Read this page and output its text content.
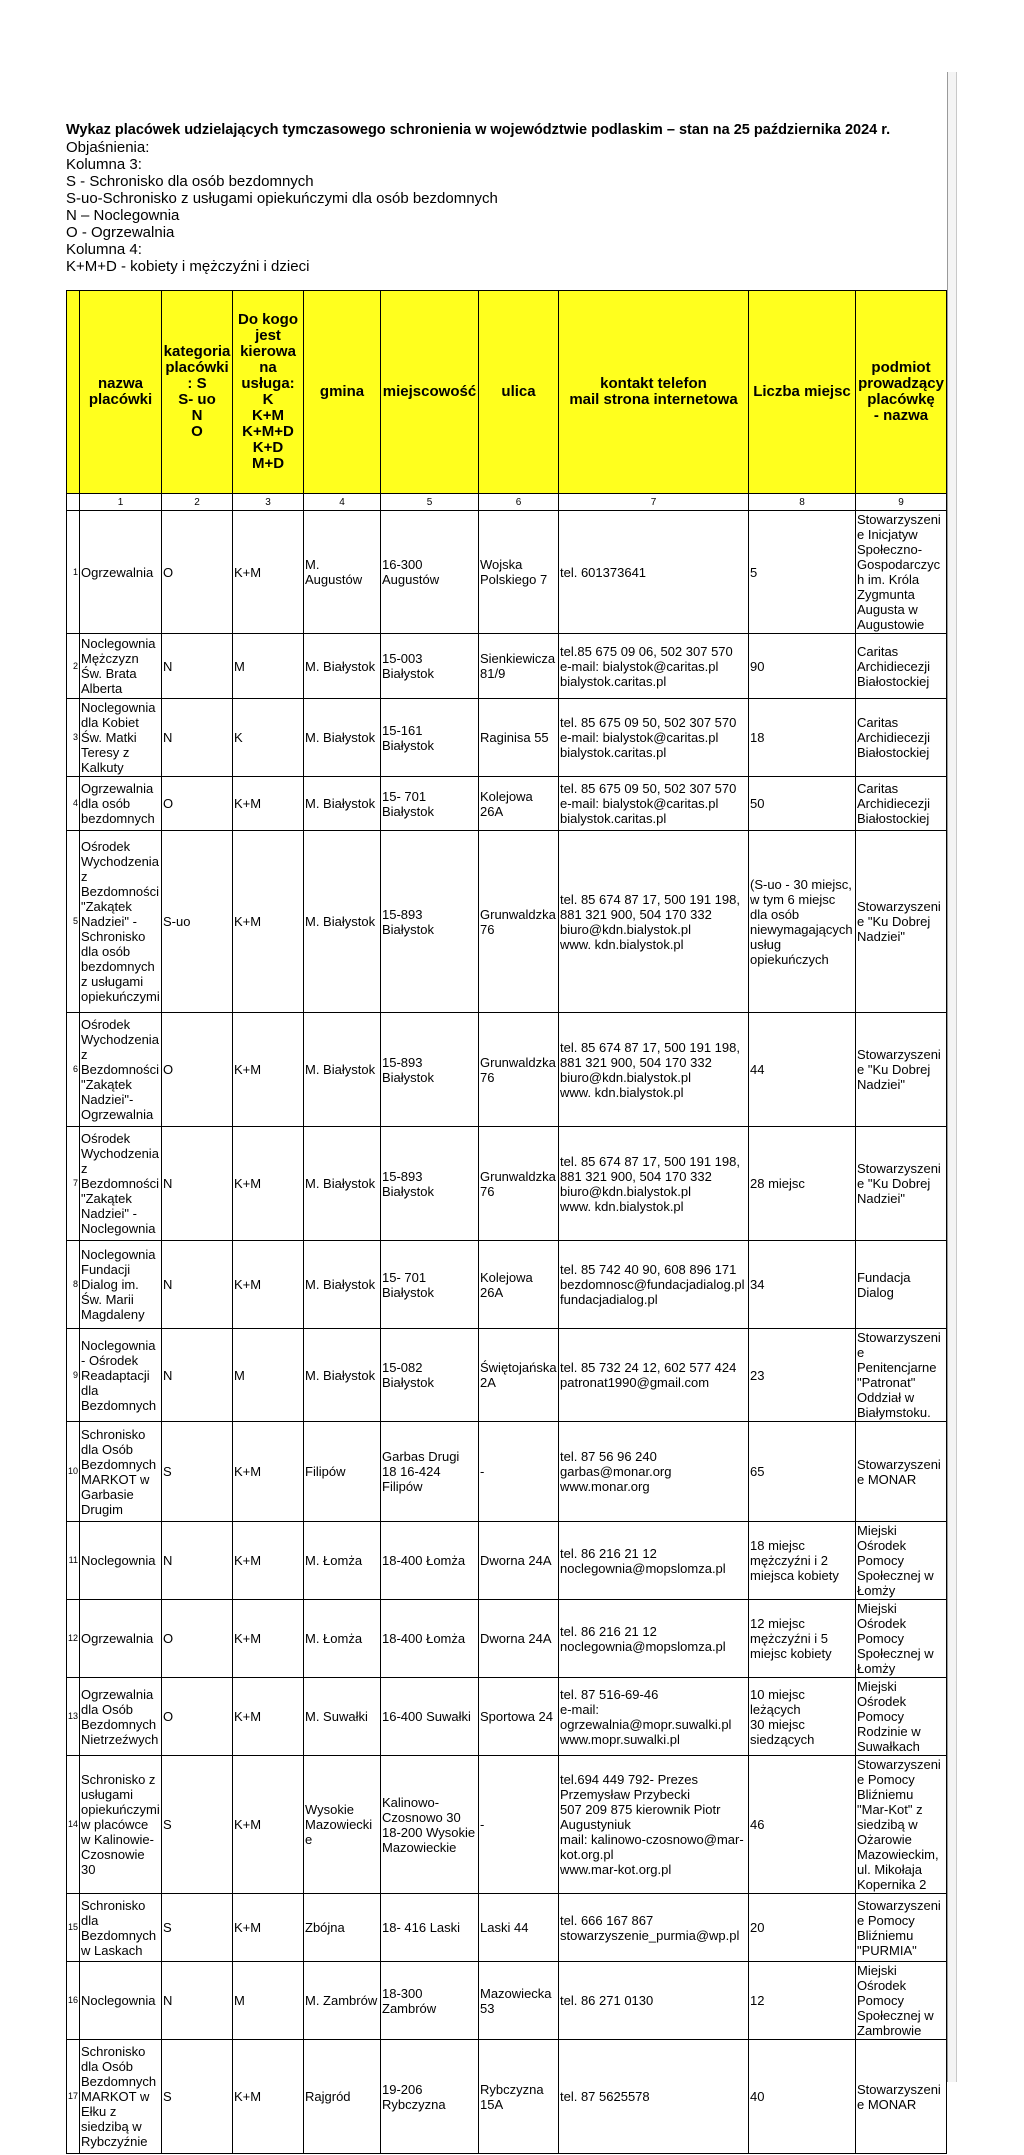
Wykaz placówek udzielających tymczasowego schronienia w województwie podlaskim – stan na 25 października 2024 r.
Objaśnienia:
Kolumna 3:
S - Schronisko dla osób bezdomnych
S-uo-Schronisko z usługami opiekuńczymi dla osób bezdomnych
N – Noclegownia
O - Ogrzewalnia
Kolumna 4:
K+M+D - kobiety i mężczyźni i dzieci
	nazwa placówki	kategoria placówki: S
S- uo
N
O	Do kogo jest kierowa na usługa: K
K+M
K+M+D
K+D
M+D	gmina	miejscowość	ulica	kontakt telefon
mail strona internetowa	Liczba miejsc	podmiot prowadzący placówkę
- nazwa
	1	2	3	4	5	6	7	8	9
1	Ogrzewalnia	O	K+M	M. Augustów	16-300 Augustów	Wojska Polskiego 7	tel. 601373641	5	Stowarzyszenie Inicjatyw Społeczno-Gospodarczych im. Króla Zygmunta Augusta w Augustowie
2	Noclegownia Mężczyzn Św. Brata Alberta	N	M	M. Białystok	15-003 Białystok	Sienkiewicza 81/9	tel.85 675 09 06, 502 307 570
e-mail: bialystok@caritas.pl
bialystok.caritas.pl	90	Caritas Archidiecezji Białostockiej
3	Noclegownia dla Kobiet Św. Matki Teresy z Kalkuty	N	K	M. Białystok	15-161 Białystok	Raginisa 55	tel. 85 675 09 50, 502 307 570
e-mail: bialystok@caritas.pl
bialystok.caritas.pl	18	Caritas Archidiecezji Białostockiej
4	Ogrzewalnia dla osób bezdomnych	O	K+M	M. Białystok	15- 701 Białystok	Kolejowa 26A	tel. 85 675 09 50, 502 307 570
e-mail: bialystok@caritas.pl
bialystok.caritas.pl	50	Caritas Archidiecezji Białostockiej
5	Ośrodek Wychodzenia z Bezdomności "Zakątek Nadziei" - Schronisko dla osób bezdomnych z usługami opiekuńczymi	S-uo	K+M	M. Białystok	15-893 Białystok	Grunwaldzka 76	tel. 85 674 87 17, 500 191 198,
881 321 900, 504 170 332
biuro@kdn.bialystok.pl
www. kdn.bialystok.pl	(S-uo - 30 miejsc, w tym 6 miejsc dla osób niewymagających usług opiekuńczych	Stowarzyszenie "Ku Dobrej Nadziei"
6	Ośrodek Wychodzenia z Bezdomności "Zakątek Nadziei"- Ogrzewalnia	O	K+M	M. Białystok	15-893 Białystok	Grunwaldzka 76	tel. 85 674 87 17, 500 191 198,
881 321 900, 504 170 332
biuro@kdn.bialystok.pl
www. kdn.bialystok.pl	44	Stowarzyszenie "Ku Dobrej Nadziei"
7	Ośrodek Wychodzenia z Bezdomności "Zakątek Nadziei" - Noclegownia	N	K+M	M. Białystok	15-893 Białystok	Grunwaldzka 76	tel. 85 674 87 17, 500 191 198,
881 321 900, 504 170 332
biuro@kdn.bialystok.pl
www. kdn.bialystok.pl	28 miejsc	Stowarzyszenie "Ku Dobrej Nadziei"
8	Noclegownia Fundacji Dialog im. Św. Marii Magdaleny	N	K+M	M. Białystok	15- 701 Białystok	Kolejowa 26A	tel. 85 742 40 90, 608 896 171
bezdomnosc@fundacjadialog.pl
fundacjadialog.pl	34	Fundacja Dialog
9	Noclegownia - Ośrodek Readaptacji dla Bezdomnych	N	M	M. Białystok	15-082 Białystok	Świętojańska 2A	tel. 85 732 24 12, 602 577 424
patronat1990@gmail.com	23	Stowarzyszenie Penitencjarne "Patronat" Oddział w Białymstoku.
10	Schronisko dla Osób Bezdomnych MARKOT w Garbasie Drugim	S	K+M	Filipów	Garbas Drugi 18 16-424 Filipów	-	tel. 87 56 96 240
garbas@monar.org
www.monar.org	65	Stowarzyszenie MONAR
11	Noclegownia	N	K+M	M. Łomża	18-400 Łomża	Dworna 24A	tel. 86 216 21 12
noclegownia@mopslomza.pl	18 miejsc mężczyźni i 2 miejsca kobiety	Miejski Ośrodek Pomocy Społecznej w Łomży
12	Ogrzewalnia	O	K+M	M. Łomża	18-400 Łomża	Dworna 24A	tel. 86 216 21 12
noclegownia@mopslomza.pl	12 miejsc mężczyźni i 5 miejsc kobiety	Miejski Ośrodek Pomocy Społecznej w Łomży
13	Ogrzewalnia dla Osób Bezdomnych Nietrzeźwych	O	K+M	M. Suwałki	16-400 Suwałki	Sportowa 24	tel. 87 516-69-46
e-mail:
ogrzewalnia@mopr.suwalki.pl
www.mopr.suwalki.pl	10 miejsc leżących
30 miejsc siedzących	Miejski Ośrodek Pomocy Rodzinie w Suwałkach
14	Schronisko z usługami opiekuńczymi w placówce w Kalinowie-Czosnowie 30	S	K+M	Wysokie Mazowieckie	Kalinowo-Czosnowo 30
18-200 Wysokie Mazowieckie	-	tel.694 449 792- Prezes Przemysław Przybecki
507 209 875 kierownik Piotr Augustyniuk
mail: kalinowo-czosnowo@mar-kot.org.pl
www.mar-kot.org.pl	46	Stowarzyszenie Pomocy Bliźniemu "Mar-Kot" z siedzibą w Ożarowie Mazowieckim, ul. Mikołaja Kopernika 2
15	Schronisko dla Bezdomnych w Laskach	S	K+M	Zbójna	18- 416 Laski	Laski 44	tel. 666 167 867
stowarzyszenie_purmia@wp.pl	20	Stowarzyszenie Pomocy Bliźniemu "PURMIA"
16	Noclegownia	N	M	M. Zambrów	18-300 Zambrów	Mazowiecka 53	tel. 86 271 0130	12	Miejski Ośrodek Pomocy Społecznej w Zambrowie
17	Schronisko dla Osób Bezdomnych MARKOT w Ełku z siedzibą w Rybczyźnie	S	K+M	Rajgród	19-206 Rybczyzna	Rybczyzna 15A	tel. 87 5625578	40	Stowarzyszenie MONAR
